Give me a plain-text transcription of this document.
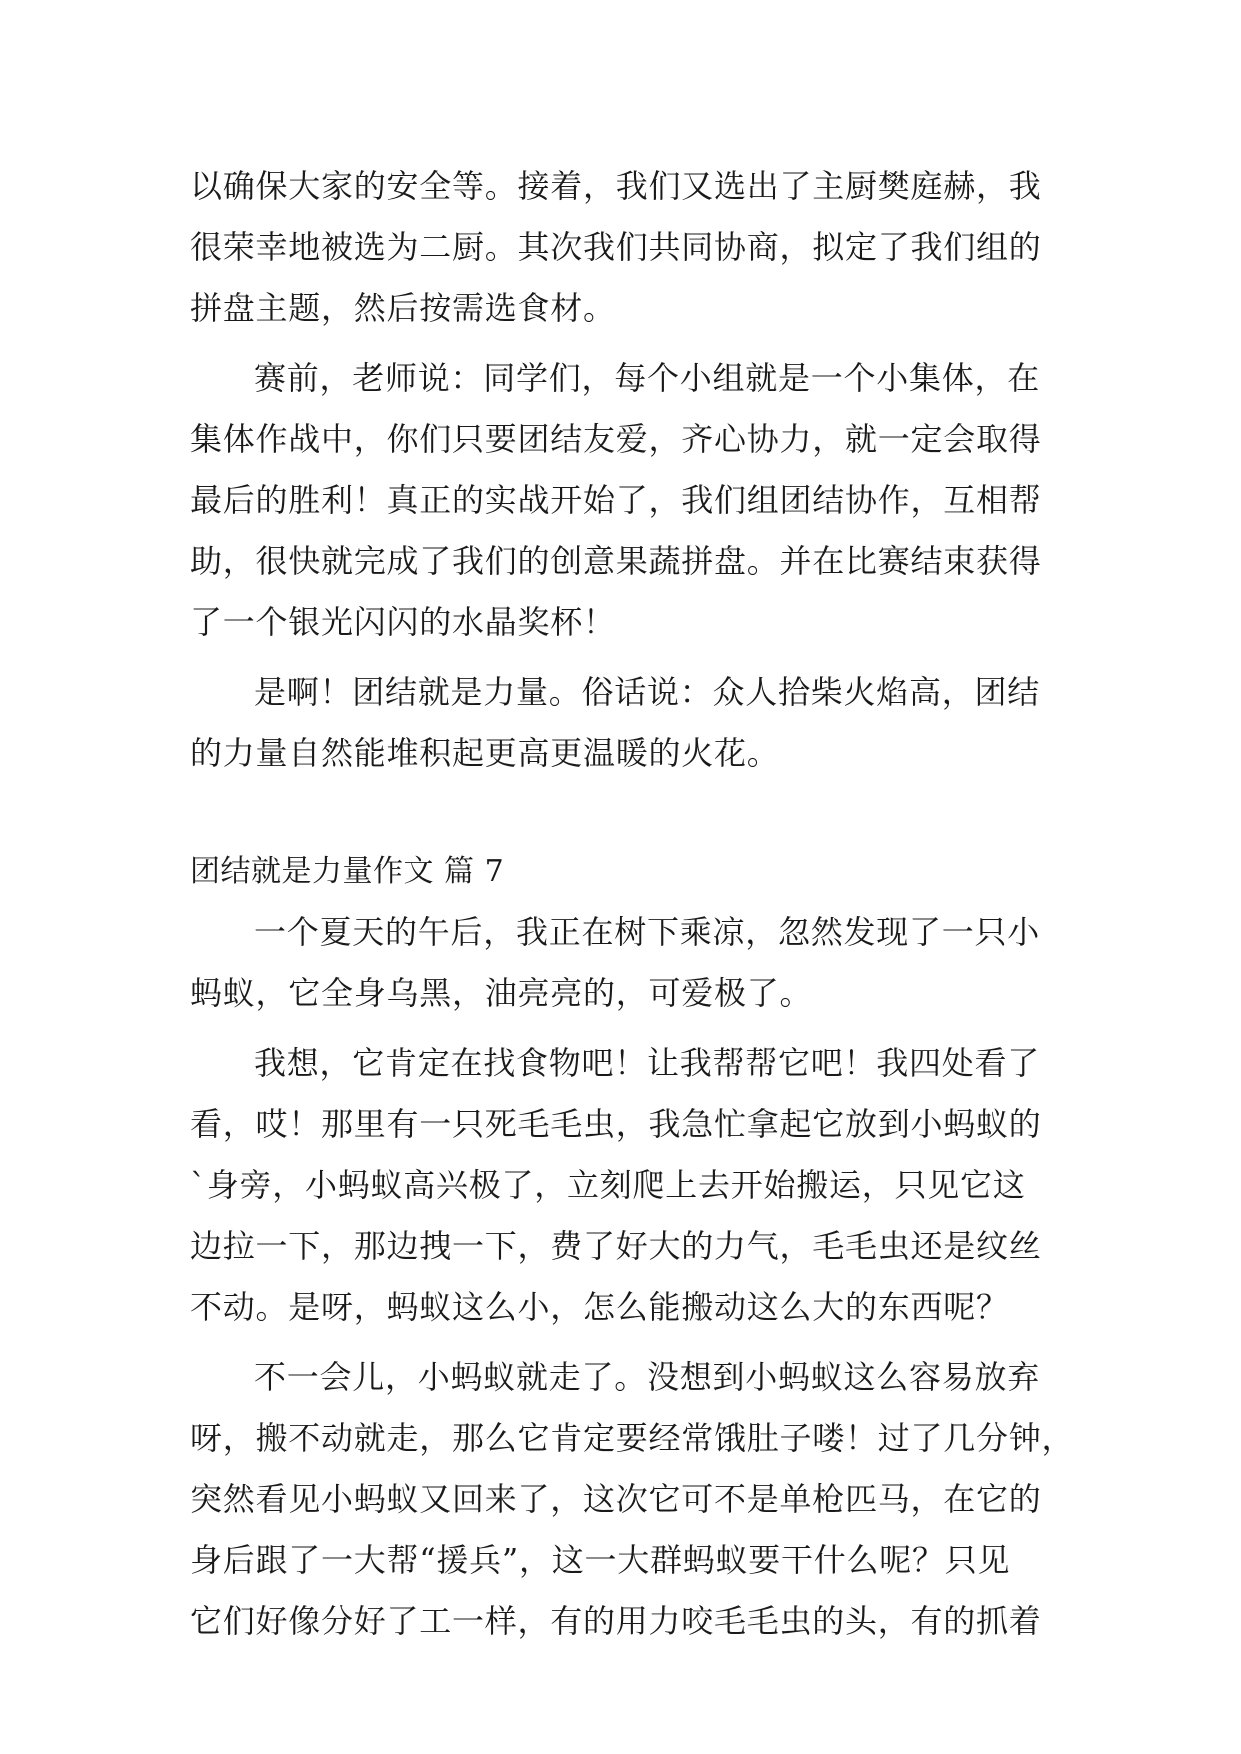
以确保大家的安全等。接着，我们又选出了主厨樊庭赫，我
很荣幸地被选为二厨。其次我们共同协商，拟定了我们组的
拼盘主题，然后按需选食材。
赛前，老师说：同学们，每个小组就是一个小集体，在
集体作战中，你们只要团结友爱，齐心协力，就一定会取得
最后的胜利！真正的实战开始了，我们组团结协作，互相帮
助，很快就完成了我们的创意果蔬拼盘。并在比赛结束获得
了一个银光闪闪的水晶奖杯！
是啊！团结就是力量。俗话说：众人拾柴火焰高，团结
的力量自然能堆积起更高更温暖的火花。
团结就是力量作文 篇 7
一个夏天的午后，我正在树下乘凉，忽然发现了一只小
蚂蚁，它全身乌黑，油亮亮的，可爱极了。
我想，它肯定在找食物吧！让我帮帮它吧！我四处看了
看，哎！那里有一只死毛毛虫，我急忙拿起它放到小蚂蚁的
`身旁，小蚂蚁高兴极了，立刻爬上去开始搬运，只见它这
边拉一下，那边拽一下，费了好大的力气，毛毛虫还是纹丝
不动。是呀，蚂蚁这么小，怎么能搬动这么大的东西呢？
不一会儿，小蚂蚁就走了。没想到小蚂蚁这么容易放弃
呀，搬不动就走，那么它肯定要经常饿肚子喽！过了几分钟，
突然看见小蚂蚁又回来了，这次它可不是单枪匹马，在它的
身后跟了一大帮“援兵”，这一大群蚂蚁要干什么呢？只见
它们好像分好了工一样，有的用力咬毛毛虫的头，有的抓着
